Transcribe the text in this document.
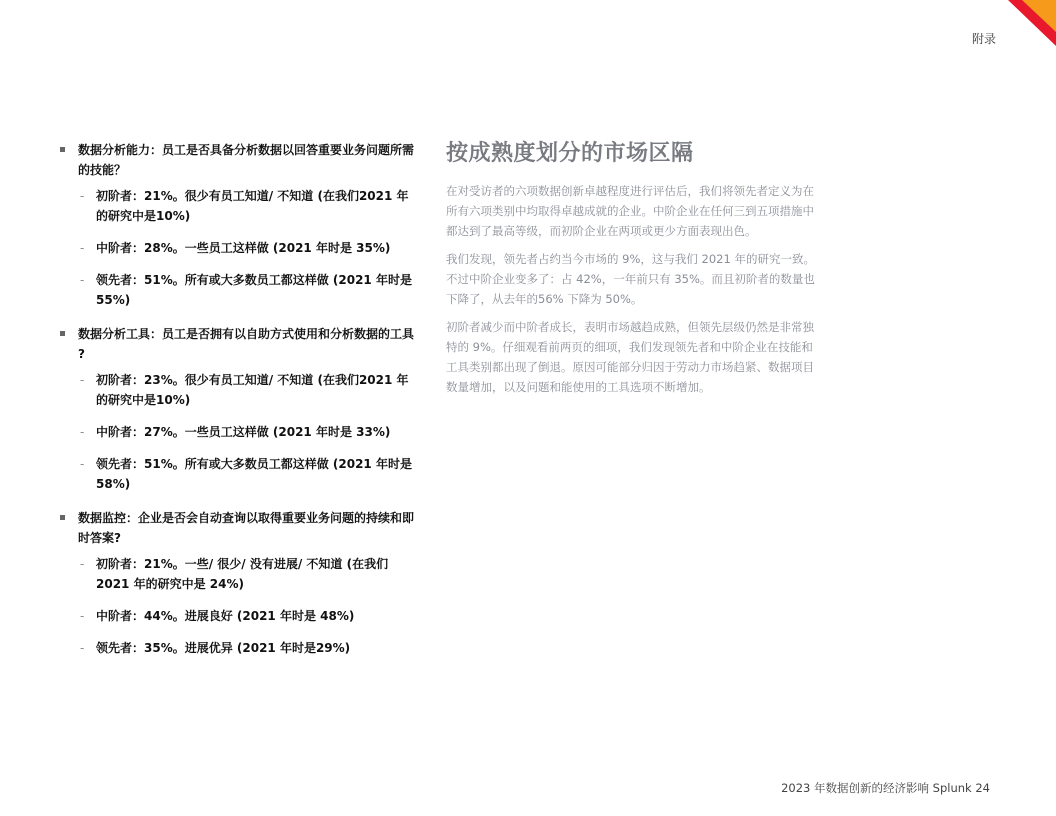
附录
数据分析能力：员工是否具备分析数据以回答重要业务问题所需的技能？
- 初阶者：21%。很少有员工知道/ 不知道 (在我们2021 年的研究中是10%)
- 中阶者：28%。一些员工这样做 (2021 年时是 35%)
- 领先者：51%。所有或大多数员工都这样做 (2021 年时是 55%)
数据分析工具：员工是否拥有以自助方式使用和分析数据的工具 ?
- 初阶者：23%。很少有员工知道/ 不知道 (在我们2021 年的研究中是10%)
- 中阶者：27%。一些员工这样做 (2021 年时是 33%)
- 领先者：51%。所有或大多数员工都这样做 (2021 年时是 58%)
数据监控：企业是否会自动查询以取得重要业务问题的持续和即时答案?
- 初阶者：21%。一些/ 很少/ 没有进展/ 不知道 (在我们 2021 年的研究中是 24%)
- 中阶者：44%。进展良好 (2021 年时是 48%)
- 领先者：35%。进展优异 (2021 年时是29%)
按成熟度划分的市场区隔

在对受访者的六项数据创新卓越程度进行评估后，我们将领先者定义为在所有六项类别中均取得卓越成就的企业。中阶企业在任何三到五项措施中都达到了最高等级，而初阶企业在两项或更少方面表现出色。

我们发现，领先者占约当今市场的 9%，这与我们 2021 年的研究一致。不过中阶企业变多了：占 42%，一年前只有 35%。而且初阶者的数量也下降了，从去年的56% 下降为 50%。

初阶者减少而中阶者成长，表明市场越趋成熟，但领先层级仍然是非常独特的 9%。仔细观看前两页的细项，我们发现领先者和中阶企业在技能和工具类别都出现了倒退。原因可能部分归因于劳动力市场趋紧、数据项目数量增加，以及问题和能使用的工具选项不断增加。

2023 年数据创新的经济影响 Splunk 24
